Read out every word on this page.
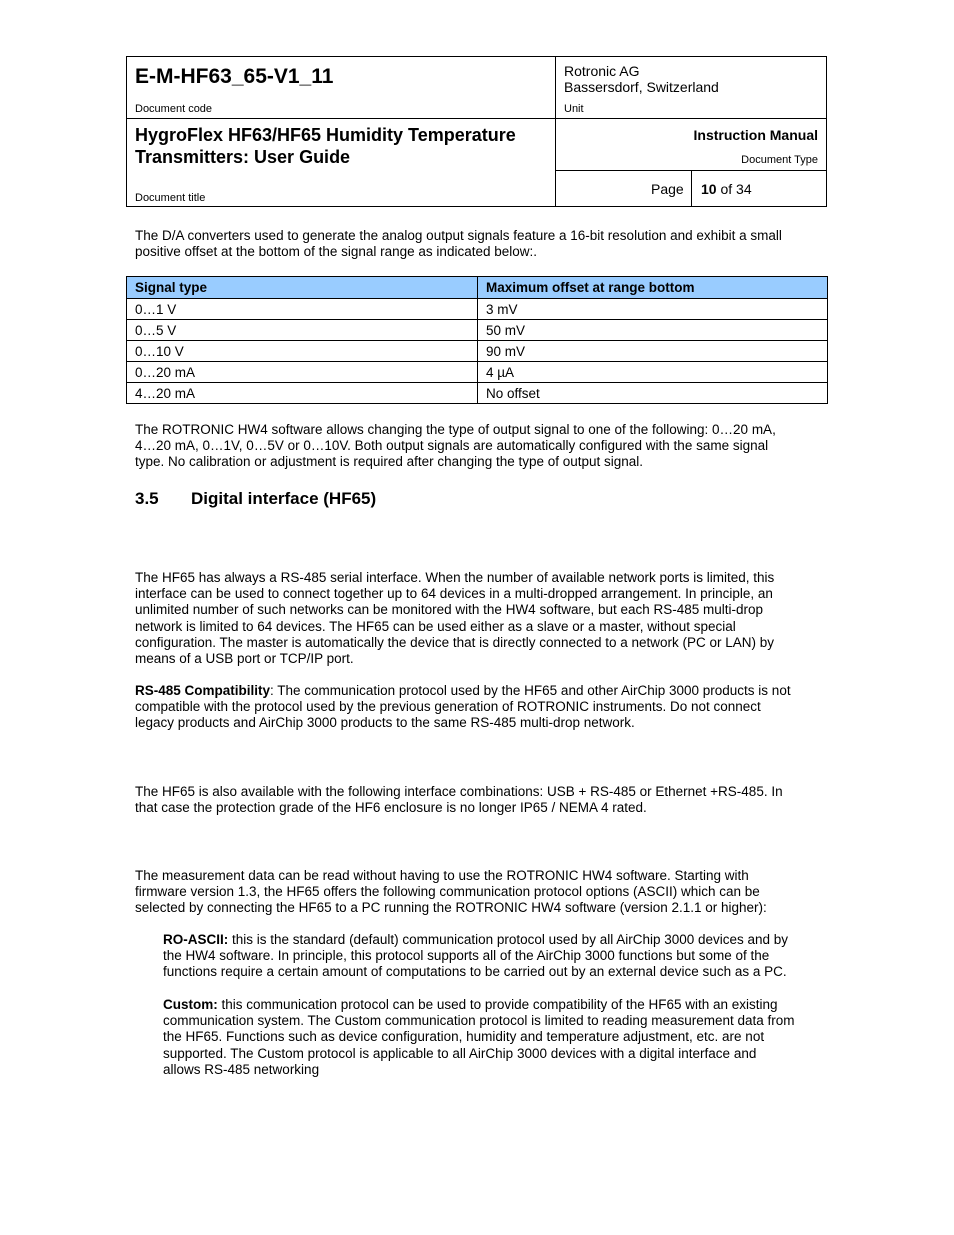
E-M-HF63_65-V1_11
Document code
Rotronic AG
Bassersdorf, Switzerland
Unit
HygroFlex HF63/HF65 Humidity Temperature Transmitters: User Guide
Document title
Instruction Manual
Document Type
Page 10 of 34
The D/A converters used to generate the analog output signals feature a 16-bit resolution and exhibit a small
positive offset at the bottom of the signal range as indicated below:.
Signal type	Maximum offset at range bottom
0…1 V	3 mV
0…5 V	50 mV
0…10 V	90 mV
0…20 mA	4 µA
4…20 mA	No offset
The ROTRONIC HW4 software allows changing the type of output signal to one of the following: 0…20 mA,
4…20 mA, 0…1V, 0…5V or 0…10V. Both output signals are automatically configured with the same signal
type. No calibration or adjustment is required after changing the type of output signal.
3.5 Digital interface (HF65)
The HF65 has always a RS-485 serial interface. When the number of available network ports is limited, this
interface can be used to connect together up to 64 devices in a multi-dropped arrangement. In principle, an
unlimited number of such networks can be monitored with the HW4 software, but each RS-485 multi-drop
network is limited to 64 devices. The HF65 can be used either as a slave or a master, without special
configuration. The master is automatically the device that is directly connected to a network (PC or LAN) by
means of a USB port or TCP/IP port.
RS-485 Compatibility: The communication protocol used by the HF65 and other AirChip 3000 products is not
compatible with the protocol used by the previous generation of ROTRONIC instruments. Do not connect
legacy products and AirChip 3000 products to the same RS-485 multi-drop network.
The HF65 is also available with the following interface combinations: USB + RS-485 or Ethernet +RS-485. In
that case the protection grade of the HF6 enclosure is no longer IP65 / NEMA 4 rated.
The measurement data can be read without having to use the ROTRONIC HW4 software. Starting with
firmware version 1.3, the HF65 offers the following communication protocol options (ASCII) which can be
selected by connecting the HF65 to a PC running the ROTRONIC HW4 software (version 2.1.1 or higher):
RO-ASCII: this is the standard (default) communication protocol used by all AirChip 3000 devices and by
the HW4 software. In principle, this protocol supports all of the AirChip 3000 functions but some of the
functions require a certain amount of computations to be carried out by an external device such as a PC.
Custom: this communication protocol can be used to provide compatibility of the HF65 with an existing
communication system. The Custom communication protocol is limited to reading measurement data from
the HF65. Functions such as device configuration, humidity and temperature adjustment, etc. are not
supported. The Custom protocol is applicable to all AirChip 3000 devices with a digital interface and
allows RS-485 networking
